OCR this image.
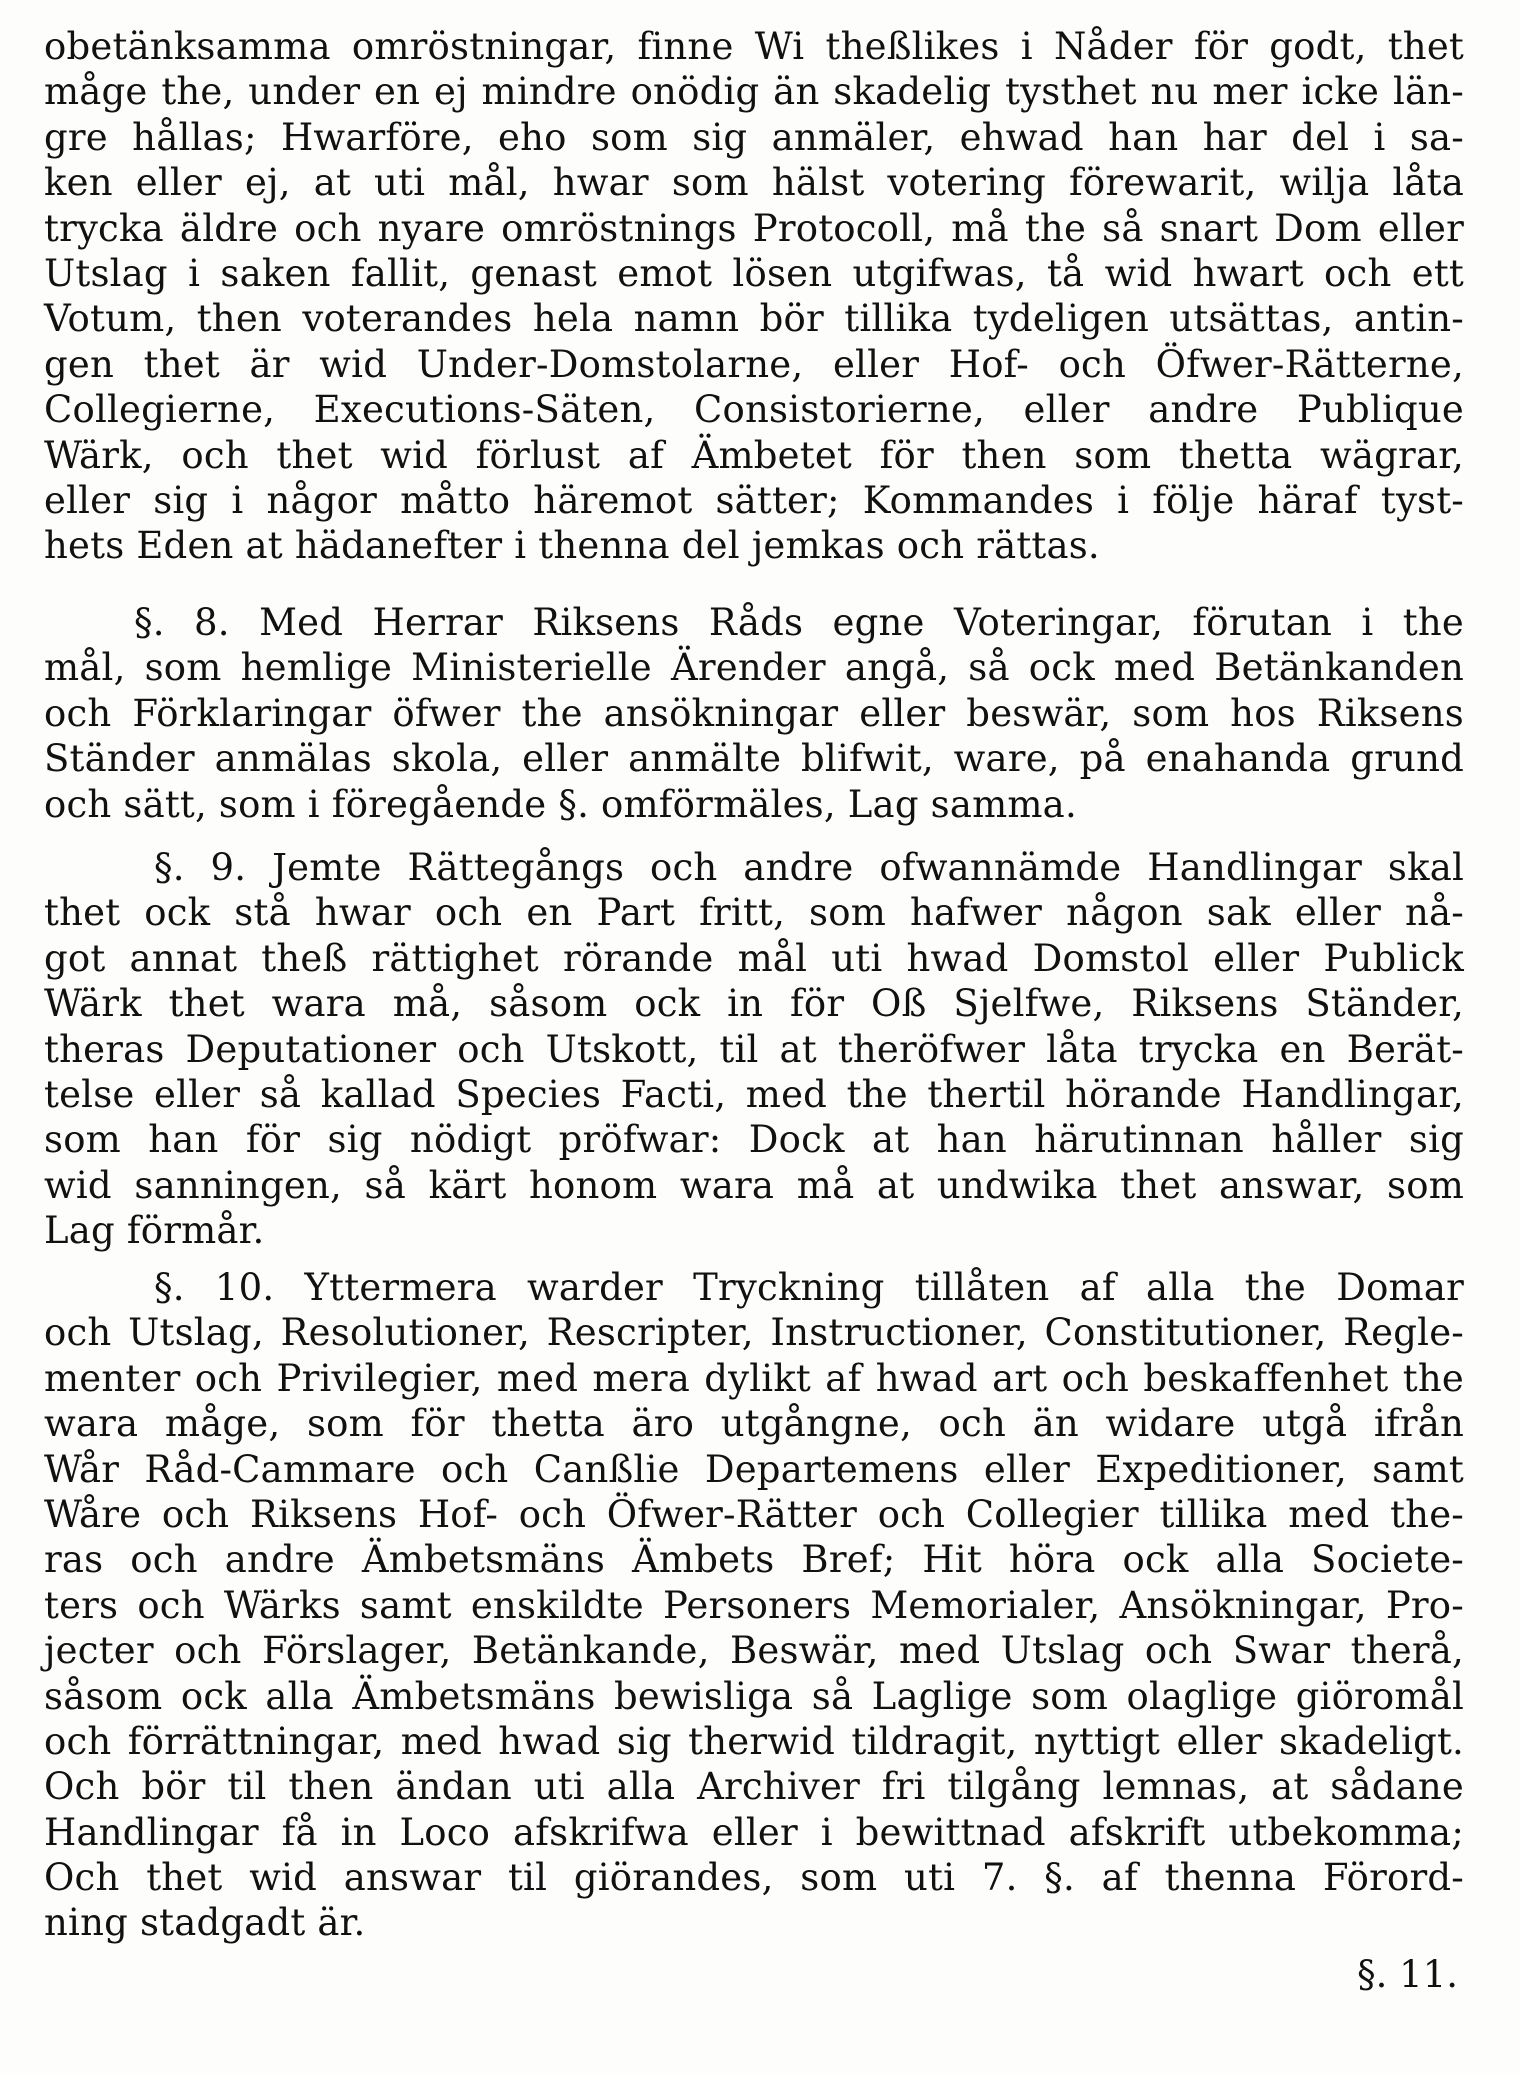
obetänksamma omröstningar, finne Wi theßlikes i Nåder för godt, thet
måge the, under en ej mindre onödig än skadelig tysthet nu mer icke län-
gre hållas; Hwarföre, eho som sig anmäler, ehwad han har del i sa-
ken eller ej, at uti mål, hwar som hälst votering förewarit, wilja låta
trycka äldre och nyare omröstnings Protocoll, må the så snart Dom eller
Utslag i saken fallit, genast emot lösen utgifwas, tå wid hwart och ett
Votum, then voterandes hela namn bör tillika tydeligen utsättas, antin-
gen thet är wid Under-Domstolarne, eller Hof- och Öfwer-Rätterne,
Collegierne, Executions-Säten, Consistorierne, eller andre Publique
Wärk, och thet wid förlust af Ämbetet för then som thetta wägrar,
eller sig i någor måtto häremot sätter; Kommandes i följe häraf tyst-
hets Eden at hädanefter i thenna del jemkas och rättas.
§. 8. Med Herrar Riksens Råds egne Voteringar, förutan i the
mål, som hemlige Ministerielle Ärender angå, så ock med Betänkanden
och Förklaringar öfwer the ansökningar eller beswär, som hos Riksens
Ständer anmälas skola, eller anmälte blifwit, ware, på enahanda grund
och sätt, som i föregående §. omförmäles, Lag samma.
§. 9. Jemte Rättegångs och andre ofwannämde Handlingar skal
thet ock stå hwar och en Part fritt, som hafwer någon sak eller nå-
got annat theß rättighet rörande mål uti hwad Domstol eller Publick
Wärk thet wara må, såsom ock in för Oß Sjelfwe, Riksens Ständer,
theras Deputationer och Utskott, til at theröfwer låta trycka en Berät-
telse eller så kallad Species Facti, med the thertil hörande Handlingar,
som han för sig nödigt pröfwar: Dock at han härutinnan håller sig
wid sanningen, så kärt honom wara må at undwika thet answar, som
Lag förmår.
§. 10. Yttermera warder Tryckning tillåten af alla the Domar
och Utslag, Resolutioner, Rescripter, Instructioner, Constitutioner, Regle-
menter och Privilegier, med mera dylikt af hwad art och beskaffenhet the
wara måge, som för thetta äro utgångne, och än widare utgå ifrån
Wår Råd-Cammare och Canßlie Departemens eller Expeditioner, samt
Wåre och Riksens Hof- och Öfwer-Rätter och Collegier tillika med the-
ras och andre Ämbetsmäns Ämbets Bref; Hit höra ock alla Societe-
ters och Wärks samt enskildte Personers Memorialer, Ansökningar, Pro-
jecter och Förslager, Betänkande, Beswär, med Utslag och Swar therå,
såsom ock alla Ämbetsmäns bewisliga så Laglige som olaglige giöromål
och förrättningar, med hwad sig therwid tildragit, nyttigt eller skadeligt.
Och bör til then ändan uti alla Archiver fri tilgång lemnas, at sådane
Handlingar få in Loco afskrifwa eller i bewittnad afskrift utbekomma;
Och thet wid answar til giörandes, som uti 7. §. af thenna Förord-
ning stadgadt är.
§. 11.
